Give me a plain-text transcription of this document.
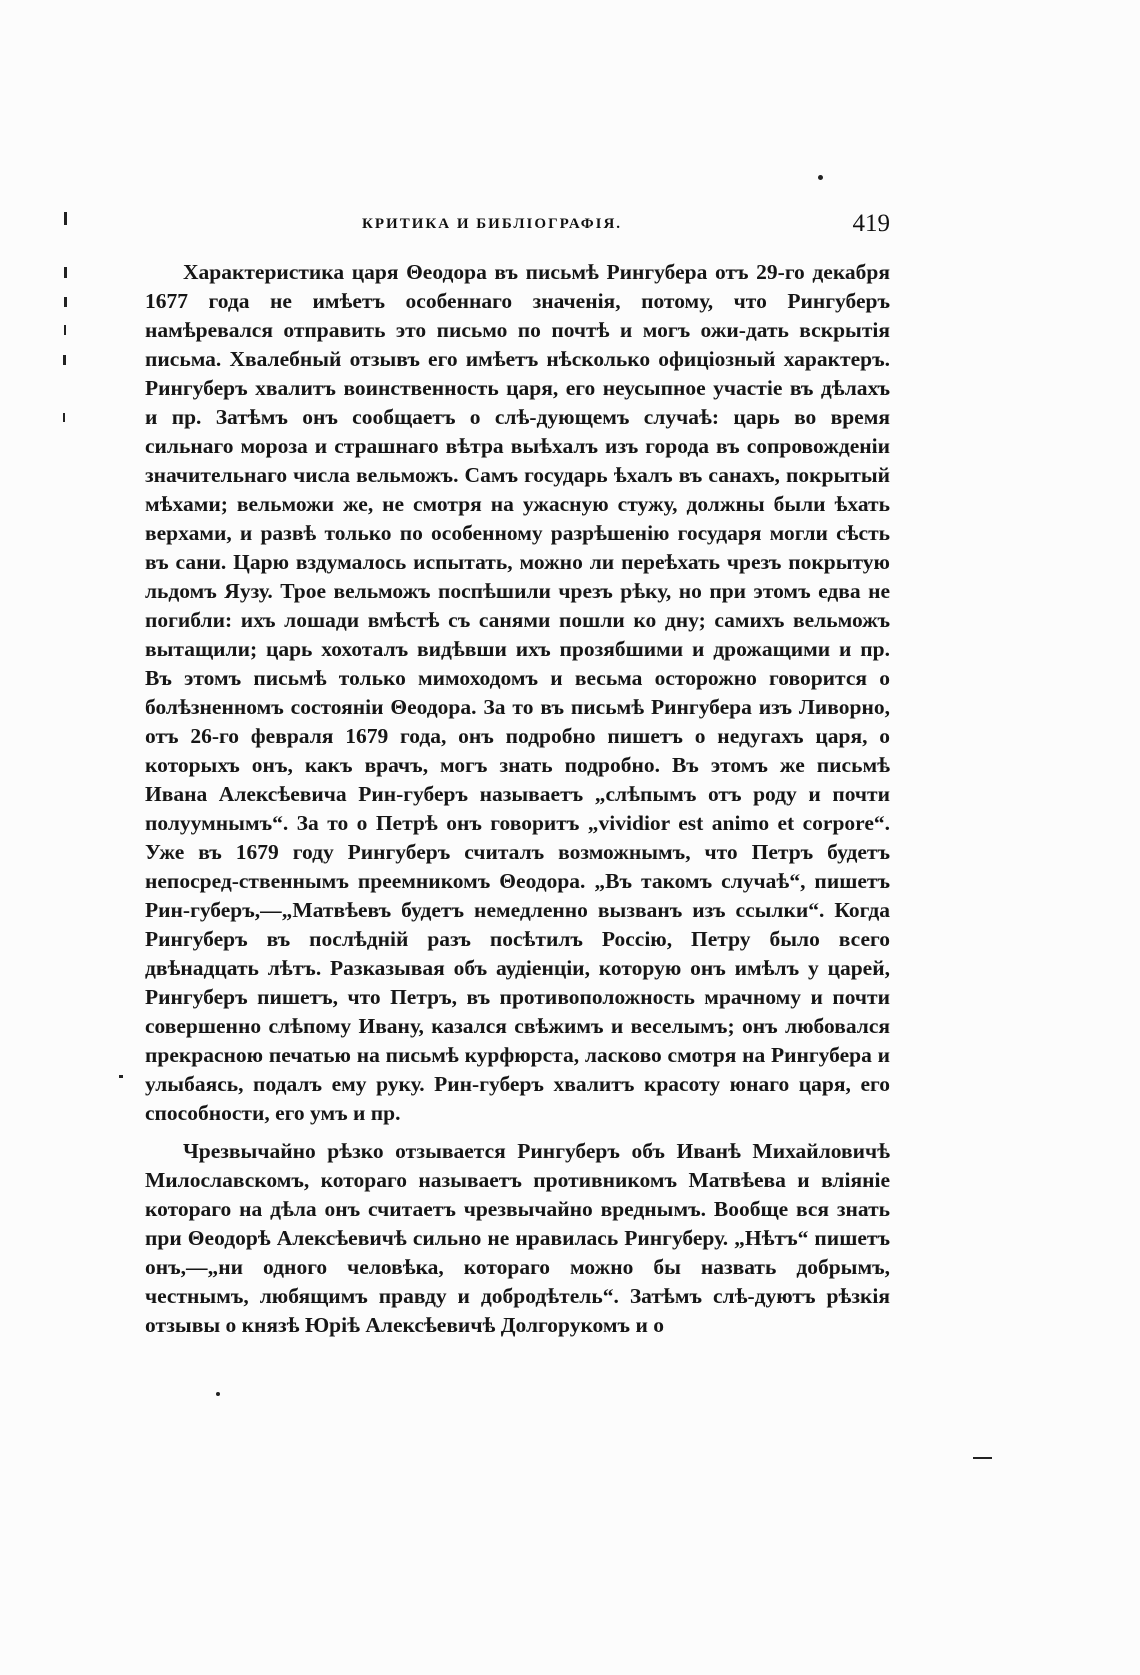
КРИТИКА И БИБЛІОГРАФІЯ.	419

Характеристика царя Θеодора въ письмѣ Рингубера отъ 29-го декабря 1677 года не имѣетъ особеннаго значенія, потому, что Рингуберъ намѣревался отправить это письмо по почтѣ и могъ ожи-дать вскрытія письма. Хвалебный отзывъ его имѣетъ нѣсколько офиціозный характеръ. Рингуберъ хвалитъ воинственность царя, его неусыпное участіе въ дѣлахъ и пр. Затѣмъ онъ сообщаетъ о слѣ-дующемъ случаѣ: царь во время сильнаго мороза и страшнаго вѣтра выѣхалъ изъ города въ сопровожденіи значительнаго числа вельможъ. Самъ государь ѣхалъ въ санахъ, покрытый мѣхами; вельможи же, не смотря на ужасную стужу, должны были ѣхать верхами, и развѣ только по особенному разрѣшенію государя могли сѣсть въ сани. Царю вздумалось испытать, можно ли переѣхать чрезъ покрытую льдомъ Яузу. Трое вельможъ поспѣшили чрезъ рѣку, но при этомъ едва не погибли: ихъ лошади вмѣстѣ съ санями пошли ко дну; самихъ вельможъ вытащили; царь хохоталъ видѣвши ихъ прозябшими и дрожащими и пр. Въ этомъ письмѣ только мимоходомъ и весьма осторожно говорится о болѣзненномъ состояніи Θеодора. За то въ письмѣ Рингубера изъ Ливорно, отъ 26-го февраля 1679 года, онъ подробно пишетъ о недугахъ царя, о которыхъ онъ, какъ врачъ, могъ знать подробно. Въ этомъ же письмѣ Ивана Алексѣевича Рин-губеръ называетъ „слѣпымъ отъ роду и почти полуумнымъ“. За то о Петрѣ онъ говоритъ „vividior est animo et corpore“. Уже въ 1679 году Рингуберъ считалъ возможнымъ, что Петръ будетъ непосред-ственнымъ преемникомъ Θеодора. „Въ такомъ случаѣ“, пишетъ Рин-губеръ,—„Матвѣевъ будетъ немедленно вызванъ изъ ссылки“. Когда Рингуберъ въ послѣдній разъ посѣтилъ Россію, Петру было всего двѣнадцать лѣтъ. Разказывая объ аудіенціи, которую онъ имѣлъ у царей, Рингуберъ пишетъ, что Петръ, въ противоположность мрачному и почти совершенно слѣпому Ивану, казался свѣжимъ и веселымъ; онъ любовался прекрасною печатью на письмѣ курфюрста, ласково смотря на Рингубера и улыбаясь, подалъ ему руку. Рин-губеръ хвалитъ красоту юнаго царя, его способности, его умъ и пр.

Чрезвычайно рѣзко отзывается Рингуберъ объ Иванѣ Михайловичѣ Милославскомъ, котораго называетъ противникомъ Матвѣева и вліяніе котораго на дѣла онъ считаетъ чрезвычайно вреднымъ. Вообще вся знать при Θеодорѣ Алексѣевичѣ сильно не нравилась Рингуберу. „Нѣтъ“ пишетъ онъ,—„ни одного человѣка, котораго можно бы назвать добрымъ, честнымъ, любящимъ правду и добродѣтель“. Затѣмъ слѣ-дуютъ рѣзкія отзывы о князѣ Юріѣ Алексѣевичѣ Долгорукомъ и о
